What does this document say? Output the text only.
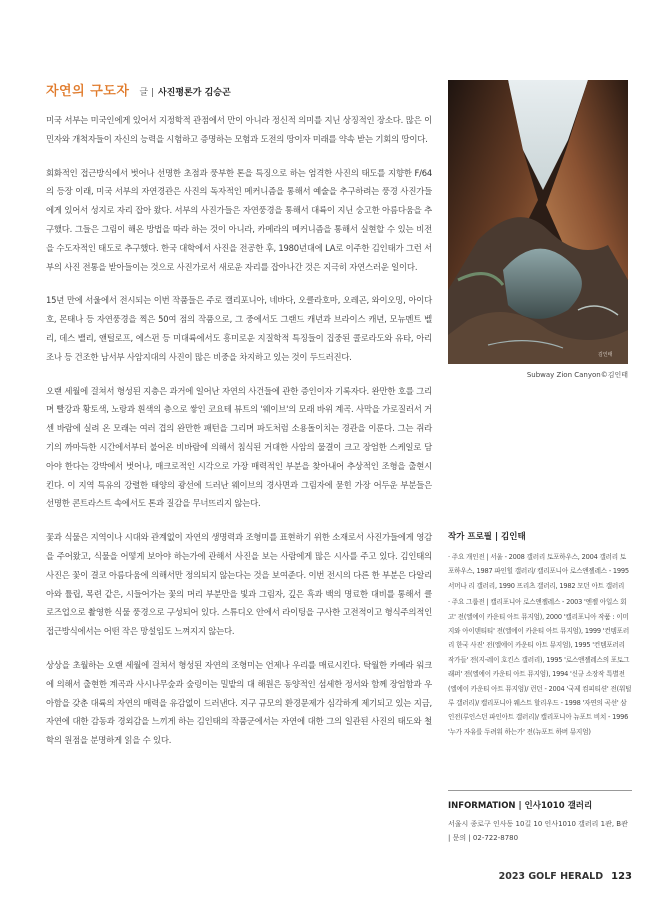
자연의 구도자 글 | 사진평론가 김승곤

미국 서부는 미국인에게 있어서 지정학적 관점에서 만이 아니라 정신적 의미를 지닌 상징적인 장소다. 많은 이민자와 개척자들이 자신의 능력을 시험하고 증명하는 모험과 도전의 땅이자 미래를 약속 받는 기회의 땅이다.

회화적인 접근방식에서 벗어나 선명한 초점과 풍부한 톤을 특징으로 하는 엄격한 사진의 태도를 지향한 F/64의 등장 이래, 미국 서부의 자연경관은 사진의 독자적인 메커니즘을 통해서 예술을 추구하려는 풍경 사진가들에게 있어서 성지로 자리 잡아 왔다. 서부의 사진가들은 자연풍경을 통해서 대륙이 지닌 숭고한 아름다움을 추구했다. 그들은 그림이 해온 방법을 따라 하는 것이 아니라, 카메라의 메커니즘을 통해서 실현할 수 있는 비전을 수도자적인 태도로 추구했다. 한국 대학에서 사진을 전공한 후, 1980년대에 LA로 이주한 김인태가 그런 서부의 사진 전통을 받아들이는 것으로 사진가로서 새로운 자리를 잡아나간 것은 지극히 자연스러운 일이다.

15년 만에 서울에서 전시되는 이번 작품들은 주로 캘리포니아, 네바다, 오클라호마, 오레곤, 와이오밍, 아이다호, 몬태나 등 자연풍경을 찍은 50여 점의 작품으로, 그 중에서도 그랜드 캐년과 브라이스 캐년, 모뉴멘트 벨리, 데스 밸리, 앤털로프, 에스펀 등 미대륙에서도 흥미로운 지질학적 특징들이 집중된 콜로라도와 유타, 아리조나 등 건조한 남서부 사암지대의 사진이 많은 비중을 차지하고 있는 것이 두드러진다.

오랜 세월에 걸쳐서 형성된 지층은 과거에 일어난 자연의 사건들에 관한 증인이자 기록자다. 완만한 호를 그리며 빨강과 황토색, 노랑과 흰색의 층으로 쌓인 코요테 뷰트의 '웨이브'의 모래 바위 계곡. 사막을 가로질러서 거센 바람에 실려 온 모래는 여러 겹의 완만한 패턴을 그리며 파도처럼 소용돌이치는 경관을 이룬다. 그는 쥐라기의 까마득한 시간에서부터 불어온 비바람에 의해서 침식된 거대한 사암의 물결이 크고 장엄한 스케일로 담아야 한다는 강박에서 벗어나, 매크로적인 시각으로 가장 매력적인 부분을 찾아내어 추상적인 조형을 출현시킨다. 이 지역 특유의 강렬한 태양의 광선에 드러난 웨이브의 경사면과 그림자에 묻힌 가장 어두운 부분들은 선명한 콘트라스트 속에서도 톤과 질감을 무너뜨리지 않는다.

꽃과 식물은 지역이나 시대와 관계없이 자연의 생명력과 조형미를 표현하기 위한 소재로서 사진가들에게 영감을 주어왔고, 식물을 어떻게 보아야 하는가에 관해서 사진을 보는 사람에게 많은 시사를 주고 있다. 김인태의 사진은 꽃이 결코 아름다움에 의해서만 정의되지 않는다는 것을 보여준다. 이번 전시의 다른 한 부분은 다알리아와 튤립, 목련 같은, 시들어가는 꽃의 머리 부분만을 빛과 그림자, 깊은 흑과 백의 명료한 대비를 통해서 클로즈업으로 촬영한 식물 풍경으로 구성되어 있다. 스튜디오 안에서 라이팅을 구사한 고전적이고 형식주의적인 접근방식에서는 어떤 작은 망설임도 느껴지지 않는다.

상상을 초월하는 오랜 세월에 걸쳐서 형성된 자연의 조형미는 언제나 우리를 매료시킨다. 탁월한 카메라 워크에 의해서 출현한 계곡과 사시나무숲과 숲링이는 밀밭의 대 해원은 동양적인 섬세한 정서와 함께 장엄함과 우아함을 갖춘 대륙의 자연의 매력을 유감없이 드러낸다. 지구 규모의 환경문제가 심각하게 제기되고 있는 지금, 자연에 대한 감동과 경외감을 느끼게 하는 김인태의 작품군에서는 자연에 대한 그의 일관된 사진의 태도와 철학의 원점을 분명하게 읽을 수 있다.

김인태
Subway Zion Canyon©김인태
작가 프로필 | 김인태

· 주요 개인전 | 서울 - 2008 갤러리 토포하우스, 2004 갤러리 토포하우스, 1987 파인힐 갤러리/ 캘리포니아 로스앤젤레스 - 1995 서머나 리 갤러리, 1990 프리츠 갤러리, 1982 모던 아트 갤러리

· 주요 그룹전 | 캘리포니아 로스앤젤레스 - 2003 '엔젤 아일스 회고' 전(엘에이 카운티 아트 뮤지엄), 2000 '캘리포니아 작품 : 이미지와 아이덴티티' 전(엘에이 카운티 아트 뮤지엄), 1999 '컨템포러리 한국 사진' 전(엘에이 카운티 아트 뮤지엄), 1995 '컨템포러리 작가들' 전(지-레이 호킨스 갤러리), 1995 '로스앤젤레스의 포토그래퍼' 전(엘에이 카운티 아트 뮤지엄), 1994 '신규 소장작 특별전(엘에이 카운티 아트 뮤지엄)/ 런던 - 2004 '국제 컴피티션' 전(워털루 갤러리)/ 캘리포니아 웨스트 할리우드 - 1998 '자연의 곡선' 삼인전(루인스던 파인아트 갤러리)/ 캘리포니아 뉴포트 비치 - 1996 '누가 자유를 두려워 하는가' 전(뉴포트 하버 뮤지엄)

INFORMATION | 인사1010 갤러리
서울시 종로구 인사동 10길 10 인사1010 갤러리 1관, B관
| 문의 | 02-722-8780
2023 GOLF HERALD 123
